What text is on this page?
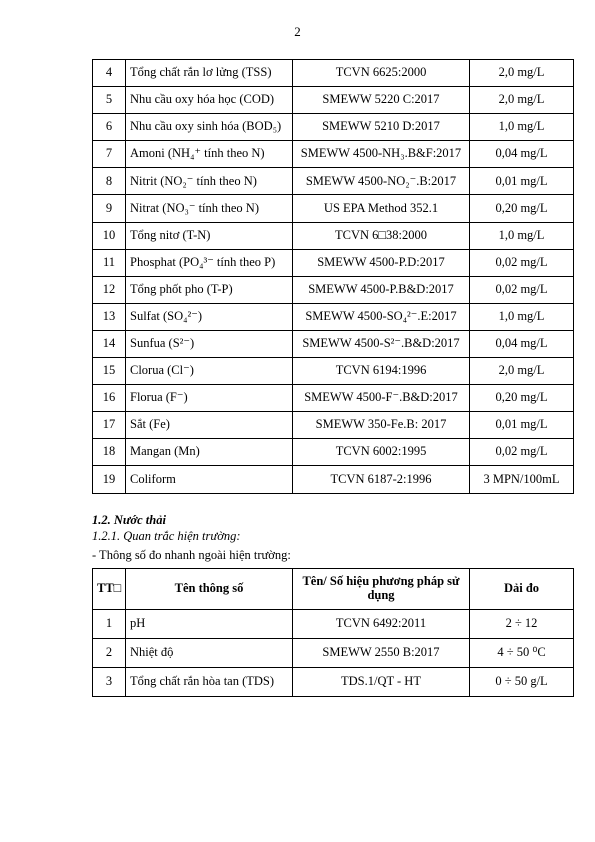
2
4	Tổng chất rắn lơ lửng (TSS)	TCVN 6625:2000	2,0 mg/L
5	Nhu cầu oxy hóa học (COD)	SMEWW 5220 C:2017	2,0 mg/L
6	Nhu cầu oxy sinh hóa (BOD₅)	SMEWW 5210 D:2017	1,0 mg/L
7	Amoni (NH₄⁺ tính theo N)	SMEWW 4500-NH₃.B&F:2017	0,04 mg/L
8	Nitrit (NO₂⁻ tính theo N)	SMEWW 4500-NO₂⁻.B:2017	0,01 mg/L
9	Nitrat (NO₃⁻ tính theo N)	US EPA Method 352.1	0,20 mg/L
10	Tổng nitơ (T-N)	TCVN 6□38:2000	1,0 mg/L
11	Phosphat (PO₄³⁻ tính theo P)	SMEWW 4500-P.D:2017	0,02 mg/L
12	Tổng phốt pho (T-P)	SMEWW 4500-P.B&D:2017	0,02 mg/L
13	Sulfat (SO₄²⁻)	SMEWW 4500-SO₄²⁻.E:2017	1,0 mg/L
14	Sunfua (S²⁻)	SMEWW 4500-S²⁻.B&D:2017	0,04 mg/L
15	Clorua (Cl⁻)	TCVN 6194:1996	2,0 mg/L
16	Florua (F⁻)	SMEWW 4500-F⁻.B&D:2017	0,20 mg/L
17	Sắt (Fe)	SMEWW 350-Fe.B: 2017	0,01 mg/L
18	Mangan (Mn)	TCVN 6002:1995	0,02 mg/L
19	Coliform	TCVN 6187-2:1996	3 MPN/100mL
1.2. Nước thải
1.2.1. Quan trắc hiện trường:
- Thông số đo nhanh ngoài hiện trường:
TT□	Tên thông số	Tên/ Số hiệu phương pháp sử dụng	Dải đo
1	pH	TCVN 6492:2011	2 ÷ 12
2	Nhiệt độ	SMEWW 2550 B:2017	4 ÷ 50 ⁰C
3	Tổng chất rắn hòa tan (TDS)	TDS.1/QT - HT	0 ÷ 50 g/L
